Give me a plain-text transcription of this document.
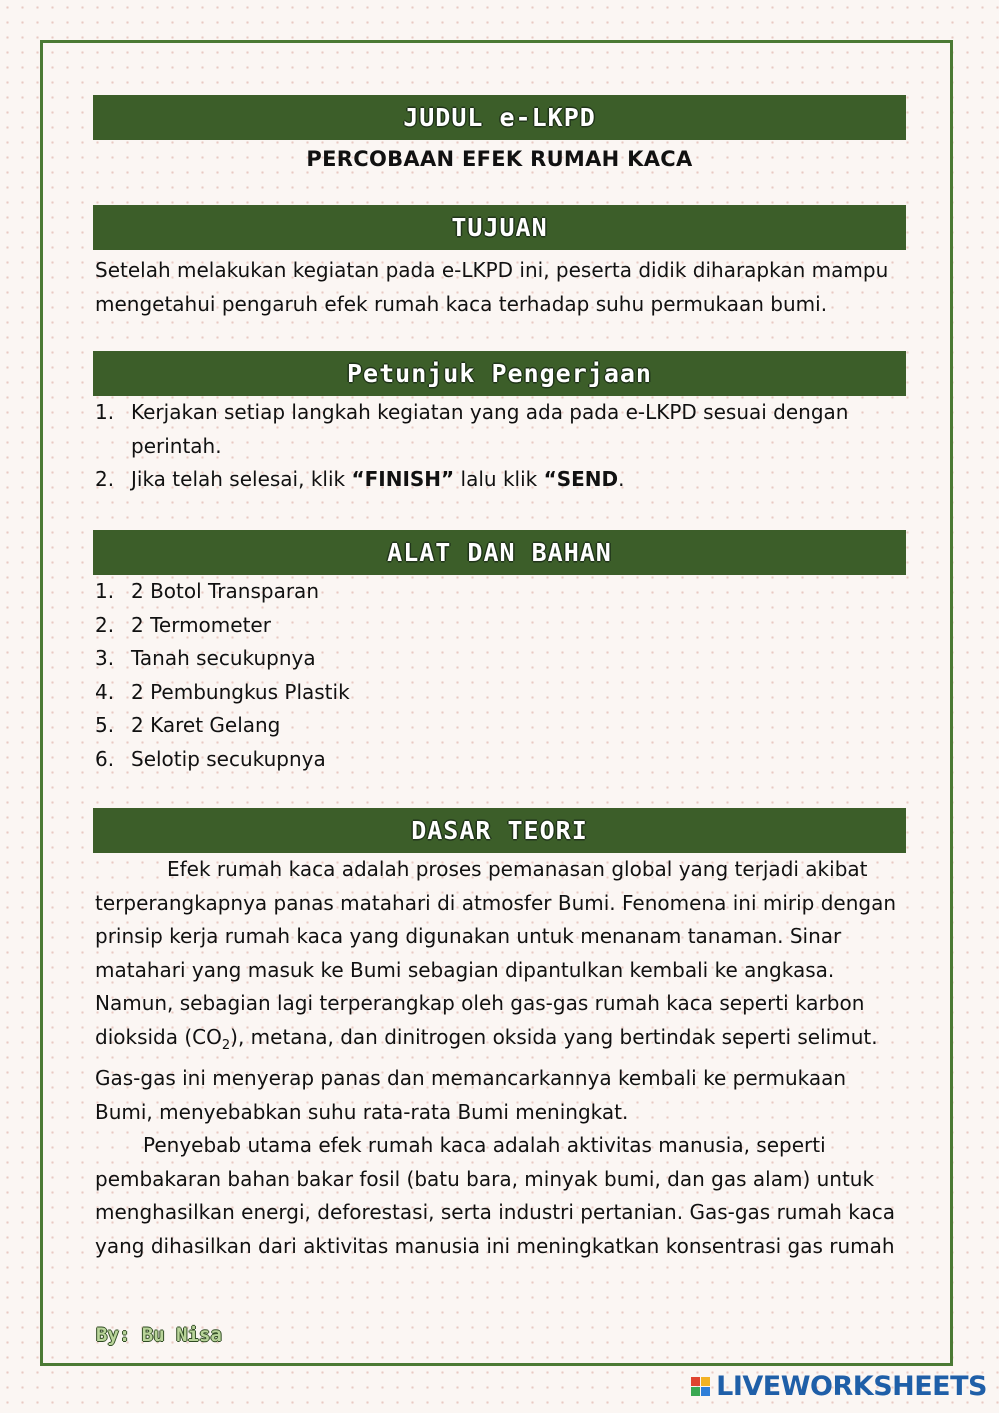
JUDUL e-LKPD
PERCOBAAN EFEK RUMAH KACA
TUJUAN
Setelah melakukan kegiatan pada e-LKPD ini, peserta didik diharapkan mampu mengetahui pengaruh efek rumah kaca terhadap suhu permukaan bumi.
Petunjuk Pengerjaan
1. Kerjakan setiap langkah kegiatan yang ada pada e-LKPD sesuai dengan perintah.
2. Jika telah selesai, klik “FINISH” lalu klik “SEND.
ALAT DAN BAHAN
1. 2 Botol Transparan
2. 2 Termometer
3. Tanah secukupnya
4. 2 Pembungkus Plastik
5. 2 Karet Gelang
6. Selotip secukupnya
DASAR TEORI
Efek rumah kaca adalah proses pemanasan global yang terjadi akibat terperangkapnya panas matahari di atmosfer Bumi. Fenomena ini mirip dengan prinsip kerja rumah kaca yang digunakan untuk menanam tanaman. Sinar matahari yang masuk ke Bumi sebagian dipantulkan kembali ke angkasa. Namun, sebagian lagi terperangkap oleh gas-gas rumah kaca seperti karbon dioksida $(CO_2)$, metana, dan dinitrogen oksida yang bertindak seperti selimut. Gas-gas ini menyerap panas dan memancarkannya kembali ke permukaan Bumi, menyebabkan suhu rata-rata Bumi meningkat.
Penyebab utama efek rumah kaca adalah aktivitas manusia, seperti pembakaran bahan bakar fosil (batu bara, minyak bumi, dan gas alam) untuk menghasilkan energi, deforestasi, serta industri pertanian. Gas-gas rumah kaca yang dihasilkan dari aktivitas manusia ini meningkatkan konsentrasi gas rumah
By: Bu Nisa
LIVEWORKSHEETS
